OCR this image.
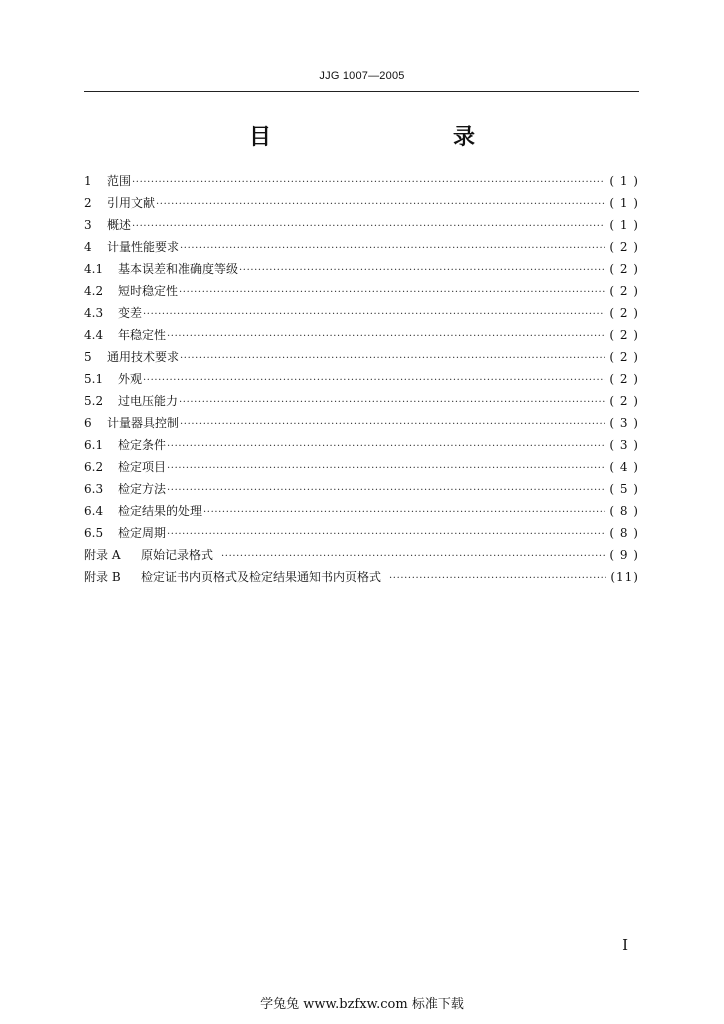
JJG 1007—2005
目　　录
1	范围 ·····	( 1 )
2	引用文献 ·····	( 1 )
3	概述 ·····	( 1 )
4	计量性能要求 ·····	( 2 )
4.1	基本误差和准确度等级 ·····	( 2 )
4.2	短时稳定性 ·····	( 2 )
4.3	变差 ·····	( 2 )
4.4	年稳定性 ·····	( 2 )
5	通用技术要求 ·····	( 2 )
5.1	外观 ·····	( 2 )
5.2	过电压能力 ·····	( 2 )
6	计量器具控制 ·····	( 3 )
6.1	检定条件 ·····	( 3 )
6.2	检定项目 ·····	( 4 )
6.3	检定方法 ·····	( 5 )
6.4	检定结果的处理 ·····	( 8 )
6.5	检定周期 ·····	( 8 )
附录 A	原始记录格式 ·····	( 9 )
附录 B	检定证书内页格式及检定结果通知书内页格式 ·····	(11)
I
学兔兔 www.bzfxw.com 标准下载
